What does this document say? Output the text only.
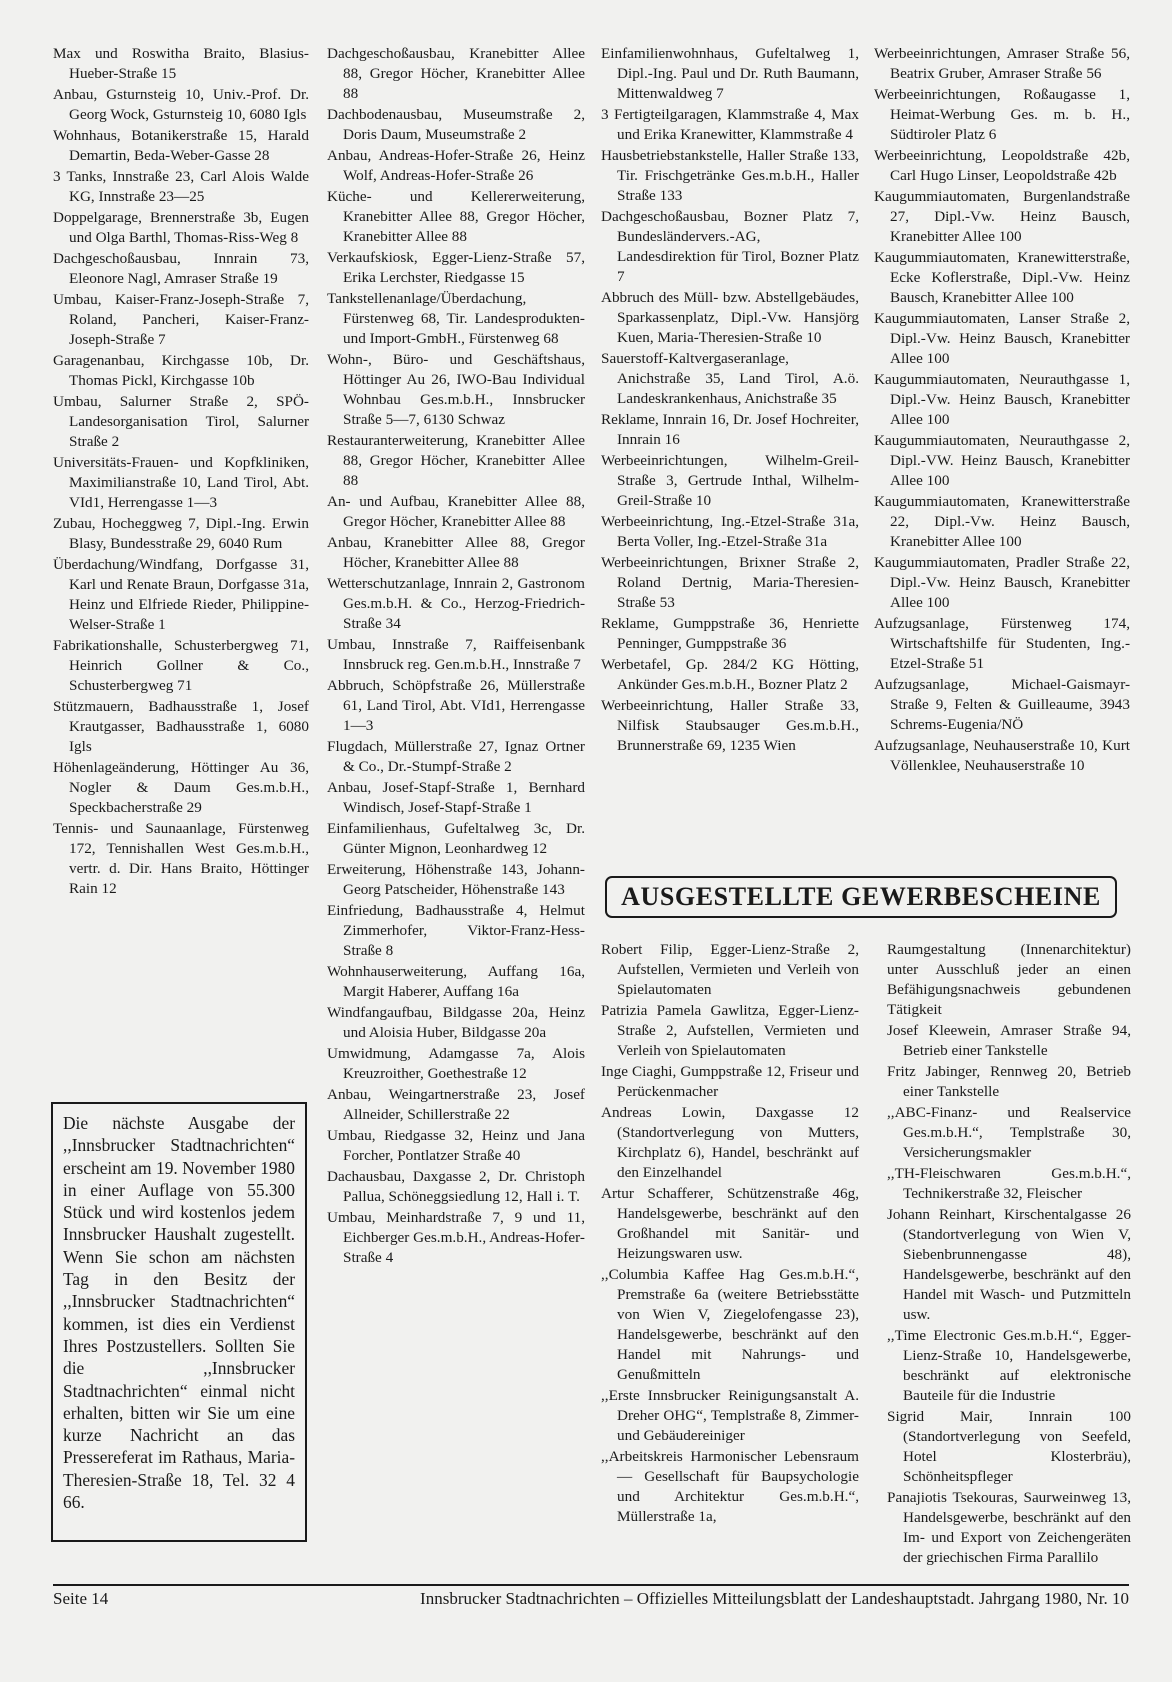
Max und Roswitha Braito, Blasius-Hueber-Straße 15

Anbau, Gsturnsteig 10, Univ.-Prof. Dr. Georg Wock, Gsturnsteig 10, 6080 Igls

Wohnhaus, Botanikerstraße 15, Harald Demartin, Beda-Weber-Gasse 28

3 Tanks, Innstraße 23, Carl Alois Walde KG, Innstraße 23—25

Doppelgarage, Brennerstraße 3b, Eugen und Olga Barthl, Thomas-Riss-Weg 8

Dachgeschoßausbau, Innrain 73, Eleonore Nagl, Amraser Straße 19

Umbau, Kaiser-Franz-Joseph-Straße 7, Roland, Pancheri, Kaiser-Franz-Joseph-Straße 7

Garagenanbau, Kirchgasse 10b, Dr. Thomas Pickl, Kirchgasse 10b

Umbau, Salurner Straße 2, SPÖ-Landesorganisation Tirol, Salurner Straße 2

Universitäts-Frauen- und Kopfkliniken, Maximilianstraße 10, Land Tirol, Abt. VId1, Herrengasse 1—3

Zubau, Hocheggweg 7, Dipl.-Ing. Erwin Blasy, Bundesstraße 29, 6040 Rum

Überdachung/Windfang, Dorfgasse 31, Karl und Renate Braun, Dorfgasse 31a, Heinz und Elfriede Rieder, Philippine-Welser-Straße 1

Fabrikationshalle, Schusterbergweg 71, Heinrich Gollner & Co., Schusterbergweg 71

Stützmauern, Badhausstraße 1, Josef Krautgasser, Badhausstraße 1, 6080 Igls

Höhenlageänderung, Höttinger Au 36, Nogler & Daum Ges.m.b.H., Speckbacherstraße 29

Tennis- und Saunaanlage, Fürstenweg 172, Tennishallen West Ges.m.b.H., vertr. d. Dir. Hans Braito, Höttinger Rain 12

Die nächste Ausgabe der ,,Innsbrucker Stadtnachrichten“ erscheint am 19. November 1980 in einer Auflage von 55.300 Stück und wird kostenlos jedem Innsbrucker Haushalt zugestellt. Wenn Sie schon am nächsten Tag in den Besitz der ,,Innsbrucker Stadtnachrichten“ kommen, ist dies ein Verdienst Ihres Postzustellers. Sollten Sie die ,,Innsbrucker Stadtnachrichten“ einmal nicht erhalten, bitten wir Sie um eine kurze Nachricht an das Pressereferat im Rathaus, Maria-Theresien-Straße 18, Tel. 32 4 66.

Dachgeschoßausbau, Kranebitter Allee 88, Gregor Höcher, Kranebitter Allee 88

Dachbodenausbau, Museumstraße 2, Doris Daum, Museumstraße 2

Anbau, Andreas-Hofer-Straße 26, Heinz Wolf, Andreas-Hofer-Straße 26

Küche- und Kellererweiterung, Kranebitter Allee 88, Gregor Höcher, Kranebitter Allee 88

Verkaufskiosk, Egger-Lienz-Straße 57, Erika Lerchster, Riedgasse 15

Tankstellenanlage/Überdachung, Fürstenweg 68, Tir. Landesprodukten- und Import-GmbH., Fürstenweg 68

Wohn-, Büro- und Geschäftshaus, Höttinger Au 26, IWO-Bau Individual Wohnbau Ges.m.b.H., Innsbrucker Straße 5—7, 6130 Schwaz

Restauranterweiterung, Kranebitter Allee 88, Gregor Höcher, Kranebitter Allee 88

An- und Aufbau, Kranebitter Allee 88, Gregor Höcher, Kranebitter Allee 88

Anbau, Kranebitter Allee 88, Gregor Höcher, Kranebitter Allee 88

Wetterschutzanlage, Innrain 2, Gastronom Ges.m.b.H. & Co., Herzog-Friedrich-Straße 34

Umbau, Innstraße 7, Raiffeisenbank Innsbruck reg. Gen.m.b.H., Innstraße 7

Abbruch, Schöpfstraße 26, Müllerstraße 61, Land Tirol, Abt. VId1, Herrengasse 1—3

Flugdach, Müllerstraße 27, Ignaz Ortner & Co., Dr.-Stumpf-Straße 2

Anbau, Josef-Stapf-Straße 1, Bernhard Windisch, Josef-Stapf-Straße 1

Einfamilienhaus, Gufeltalweg 3c, Dr. Günter Mignon, Leonhardweg 12

Erweiterung, Höhenstraße 143, Johann-Georg Patscheider, Höhenstraße 143

Einfriedung, Badhausstraße 4, Helmut Zimmerhofer, Viktor-Franz-Hess-Straße 8

Wohnhauserweiterung, Auffang 16a, Margit Haberer, Auffang 16a

Windfangaufbau, Bildgasse 20a, Heinz und Aloisia Huber, Bildgasse 20a

Umwidmung, Adamgasse 7a, Alois Kreuzroither, Goethestraße 12

Anbau, Weingartnerstraße 23, Josef Allneider, Schillerstraße 22

Umbau, Riedgasse 32, Heinz und Jana Forcher, Pontlatzer Straße 40

Dachausbau, Daxgasse 2, Dr. Christoph Pallua, Schöneggsiedlung 12, Hall i. T.

Umbau, Meinhardstraße 7, 9 und 11, Eichberger Ges.m.b.H., Andreas-Hofer-Straße 4

Einfamilienwohnhaus, Gufeltalweg 1, Dipl.-Ing. Paul und Dr. Ruth Baumann, Mittenwaldweg 7

3 Fertigteilgaragen, Klammstraße 4, Max und Erika Kranewitter, Klammstraße 4

Hausbetriebstankstelle, Haller Straße 133, Tir. Frischgetränke Ges.m.b.H., Haller Straße 133

Dachgeschoßausbau, Bozner Platz 7, Bundesländervers.-AG, Landesdirektion für Tirol, Bozner Platz 7

Abbruch des Müll- bzw. Abstellgebäudes, Sparkassenplatz, Dipl.-Vw. Hansjörg Kuen, Maria-Theresien-Straße 10

Sauerstoff-Kaltvergaseranlage, Anichstraße 35, Land Tirol, A.ö. Landeskrankenhaus, Anichstraße 35

Reklame, Innrain 16, Dr. Josef Hochreiter, Innrain 16

Werbeeinrichtungen, Wilhelm-Greil-Straße 3, Gertrude Inthal, Wilhelm-Greil-Straße 10

Werbeeinrichtung, Ing.-Etzel-Straße 31a, Berta Voller, Ing.-Etzel-Straße 31a

Werbeeinrichtungen, Brixner Straße 2, Roland Dertnig, Maria-Theresien-Straße 53

Reklame, Gumppstraße 36, Henriette Penninger, Gumppstraße 36

Werbetafel, Gp. 284/2 KG Hötting, Ankünder Ges.m.b.H., Bozner Platz 2

Werbeeinrichtung, Haller Straße 33, Nilfisk Staubsauger Ges.m.b.H., Brunnerstraße 69, 1235 Wien

Werbeeinrichtungen, Amraser Straße 56, Beatrix Gruber, Amraser Straße 56

Werbeeinrichtungen, Roßaugasse 1, Heimat-Werbung Ges. m. b. H., Südtiroler Platz 6

Werbeeinrichtung, Leopoldstraße 42b, Carl Hugo Linser, Leopoldstraße 42b

Kaugummiautomaten, Burgenlandstraße 27, Dipl.-Vw. Heinz Bausch, Kranebitter Allee 100

Kaugummiautomaten, Kranewitterstraße, Ecke Koflerstraße, Dipl.-Vw. Heinz Bausch, Kranebitter Allee 100

Kaugummiautomaten, Lanser Straße 2, Dipl.-Vw. Heinz Bausch, Kranebitter Allee 100

Kaugummiautomaten, Neurauthgasse 1, Dipl.-Vw. Heinz Bausch, Kranebitter Allee 100

Kaugummiautomaten, Neurauthgasse 2, Dipl.-VW. Heinz Bausch, Kranebitter Allee 100

Kaugummiautomaten, Kranewitterstraße 22, Dipl.-Vw. Heinz Bausch, Kranebitter Allee 100

Kaugummiautomaten, Pradler Straße 22, Dipl.-Vw. Heinz Bausch, Kranebitter Allee 100

Aufzugsanlage, Fürstenweg 174, Wirtschaftshilfe für Studenten, Ing.-Etzel-Straße 51

Aufzugsanlage, Michael-Gaismayr-Straße 9, Felten & Guilleaume, 3943 Schrems-Eugenia/NÖ

Aufzugsanlage, Neuhauserstraße 10, Kurt Völlenklee, Neuhauserstraße 10

AUSGESTELLTE GEWERBESCHEINE

Robert Filip, Egger-Lienz-Straße 2, Aufstellen, Vermieten und Verleih von Spielautomaten

Patrizia Pamela Gawlitza, Egger-Lienz-Straße 2, Aufstellen, Vermieten und Verleih von Spielautomaten

Inge Ciaghi, Gumppstraße 12, Friseur und Perückenmacher

Andreas Lowin, Daxgasse 12 (Standortverlegung von Mutters, Kirchplatz 6), Handel, beschränkt auf den Einzelhandel

Artur Schafferer, Schützenstraße 46g, Handelsgewerbe, beschränkt auf den Großhandel mit Sanitär- und Heizungswaren usw.

,,Columbia Kaffee Hag Ges.m.b.H.“, Premstraße 6a (weitere Betriebsstätte von Wien V, Ziegelofengasse 23), Handelsgewerbe, beschränkt auf den Handel mit Nahrungs- und Genußmitteln

,,Erste Innsbrucker Reinigungsanstalt A. Dreher OHG“, Templstraße 8, Zimmer- und Gebäudereiniger

,,Arbeitskreis Harmonischer Lebensraum — Gesellschaft für Baupsychologie und Architektur Ges.m.b.H.“, Müllerstraße 1a,

Raumgestaltung (Innenarchitektur) unter Ausschluß jeder an einen Befähigungsnachweis gebundenen Tätigkeit

Josef Kleewein, Amraser Straße 94, Betrieb einer Tankstelle

Fritz Jabinger, Rennweg 20, Betrieb einer Tankstelle

,,ABC-Finanz- und Realservice Ges.m.b.H.“, Templstraße 30, Versicherungsmakler

,,TH-Fleischwaren Ges.m.b.H.“, Technikerstraße 32, Fleischer

Johann Reinhart, Kirschentalgasse 26 (Standortverlegung von Wien V, Siebenbrunnengasse 48), Handelsgewerbe, beschränkt auf den Handel mit Wasch- und Putzmitteln usw.

,,Time Electronic Ges.m.b.H.“, Egger-Lienz-Straße 10, Handelsgewerbe, beschränkt auf elektronische Bauteile für die Industrie

Sigrid Mair, Innrain 100 (Standortverlegung von Seefeld, Hotel Klosterbräu), Schönheitspfleger

Panajiotis Tsekouras, Saurweinweg 13, Handelsgewerbe, beschränkt auf den Im- und Export von Zeichengeräten der griechischen Firma Parallilo

Seite 14	Innsbrucker Stadtnachrichten – Offizielles Mitteilungsblatt der Landeshauptstadt. Jahrgang 1980, Nr. 10
